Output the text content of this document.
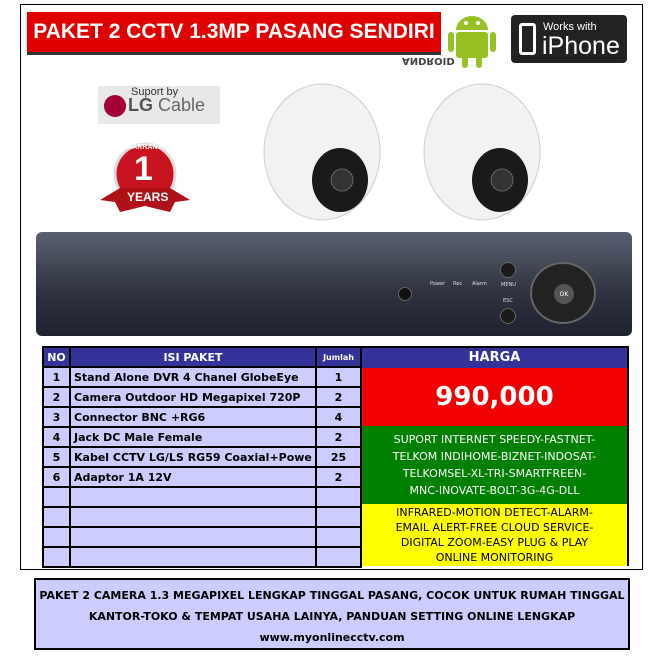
PAKET 2 CCTV 1.3MP PASANG SENDIRI
ANDROID
Works with
iPhone
Suport by
LG Cable
WARRANTY
1
YEARS
Power Rec Alarm	MENU
ESC
OK
NO	ISI PAKET	Jumlah
1	Stand Alone DVR 4 Chanel GlobeEye	1
2	Camera Outdoor HD Megapixel 720P	2
3	Connector BNC +RG6	4
4	Jack DC Male Female	2
5	Kabel CCTV LG/LS RG59 Coaxial+Powe	25
6	Adaptor 1A 12V	2

HARGA
990,000
SUPORT INTERNET SPEEDY-FASTNET-
TELKOM INDIHOME-BIZNET-INDOSAT-
TELKOMSEL-XL-TRI-SMARTFREEN-
MNC-INOVATE-BOLT-3G-4G-DLL
INFRARED-MOTION DETECT-ALARM-
EMAIL ALERT-FREE CLOUD SERVICE-
DIGITAL ZOOM-EASY PLUG & PLAY
ONLINE MONITORING
PAKET 2 CAMERA 1.3 MEGAPIXEL LENGKAP TINGGAL PASANG, COCOK UNTUK RUMAH TINGGAL
KANTOR-TOKO & TEMPAT USAHA LAINYA, PANDUAN SETTING ONLINE LENGKAP
www.myonlinecctv.com
